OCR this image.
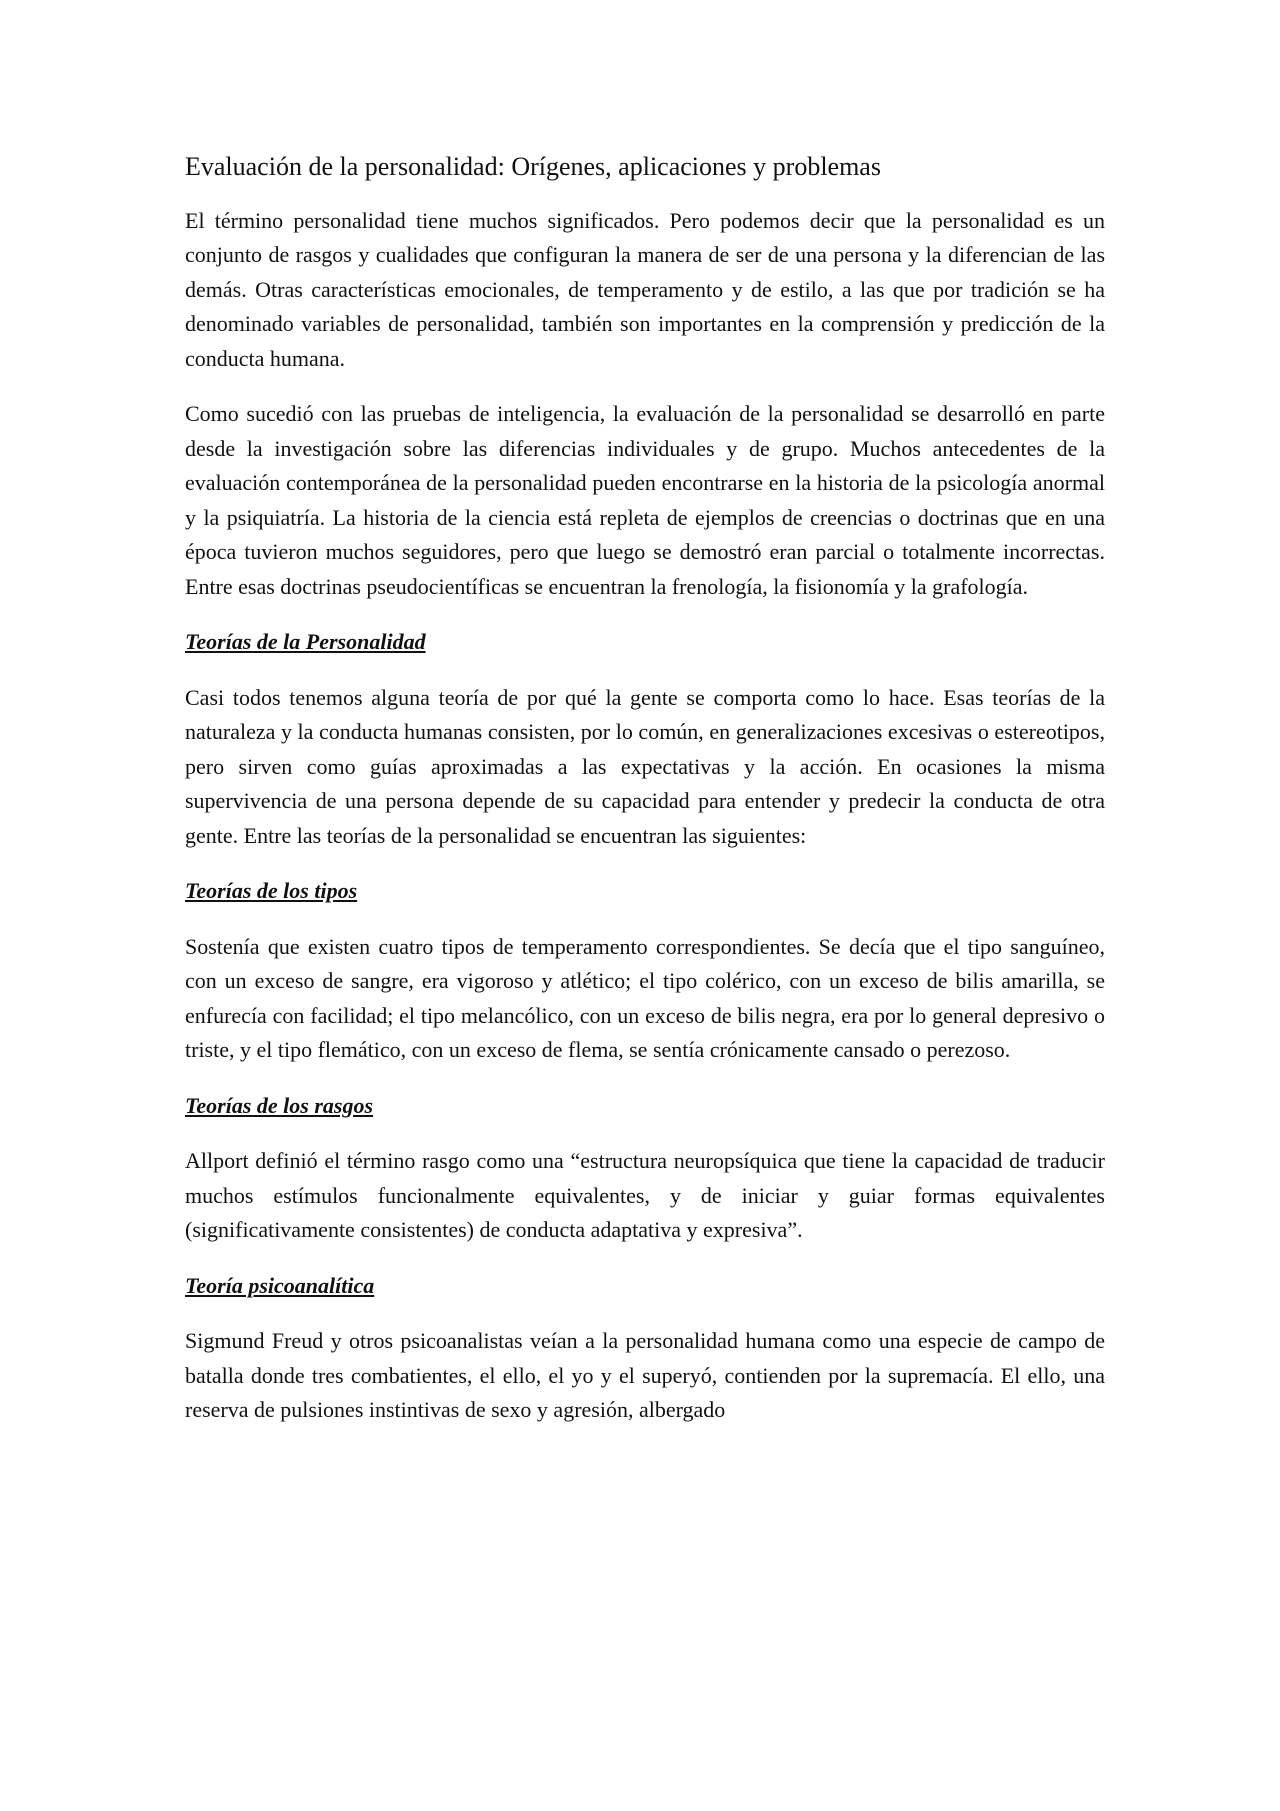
Evaluación de la personalidad: Orígenes, aplicaciones y problemas

El término personalidad tiene muchos significados. Pero podemos decir que la personalidad es un conjunto de rasgos y cualidades que configuran la manera de ser de una persona y la diferencian de las demás. Otras características emocionales, de temperamento y de estilo, a las que por tradición se ha denominado variables de personalidad, también son importantes en la comprensión y predicción de la conducta humana.

Como sucedió con las pruebas de inteligencia, la evaluación de la personalidad se desarrolló en parte desde la investigación sobre las diferencias individuales y de grupo. Muchos antecedentes de la evaluación contemporánea de la personalidad pueden encontrarse en la historia de la psicología anormal y la psiquiatría. La historia de la ciencia está repleta de ejemplos de creencias o doctrinas que en una época tuvieron muchos seguidores, pero que luego se demostró eran parcial o totalmente incorrectas. Entre esas doctrinas pseudocientíficas se encuentran la frenología, la fisionomía y la grafología.

Teorías de la Personalidad

Casi todos tenemos alguna teoría de por qué la gente se comporta como lo hace. Esas teorías de la naturaleza y la conducta humanas consisten, por lo común, en generalizaciones excesivas o estereotipos, pero sirven como guías aproximadas a las expectativas y la acción. En ocasiones la misma supervivencia de una persona depende de su capacidad para entender y predecir la conducta de otra gente. Entre las teorías de la personalidad se encuentran las siguientes:

Teorías de los tipos

Sostenía que existen cuatro tipos de temperamento correspondientes. Se decía que el tipo sanguíneo, con un exceso de sangre, era vigoroso y atlético; el tipo colérico, con un exceso de bilis amarilla, se enfurecía con facilidad; el tipo melancólico, con un exceso de bilis negra, era por lo general depresivo o triste, y el tipo flemático, con un exceso de flema, se sentía crónicamente cansado o perezoso.

Teorías de los rasgos

Allport definió el término rasgo como una “estructura neuropsíquica que tiene la capacidad de traducir muchos estímulos funcionalmente equivalentes, y de iniciar y guiar formas equivalentes (significativamente consistentes) de conducta adaptativa y expresiva”.

Teoría psicoanalítica

Sigmund Freud y otros psicoanalistas veían a la personalidad humana como una especie de campo de batalla donde tres combatientes, el ello, el yo y el superyó, contienden por la supremacía. El ello, una reserva de pulsiones instintivas de sexo y agresión, albergado
